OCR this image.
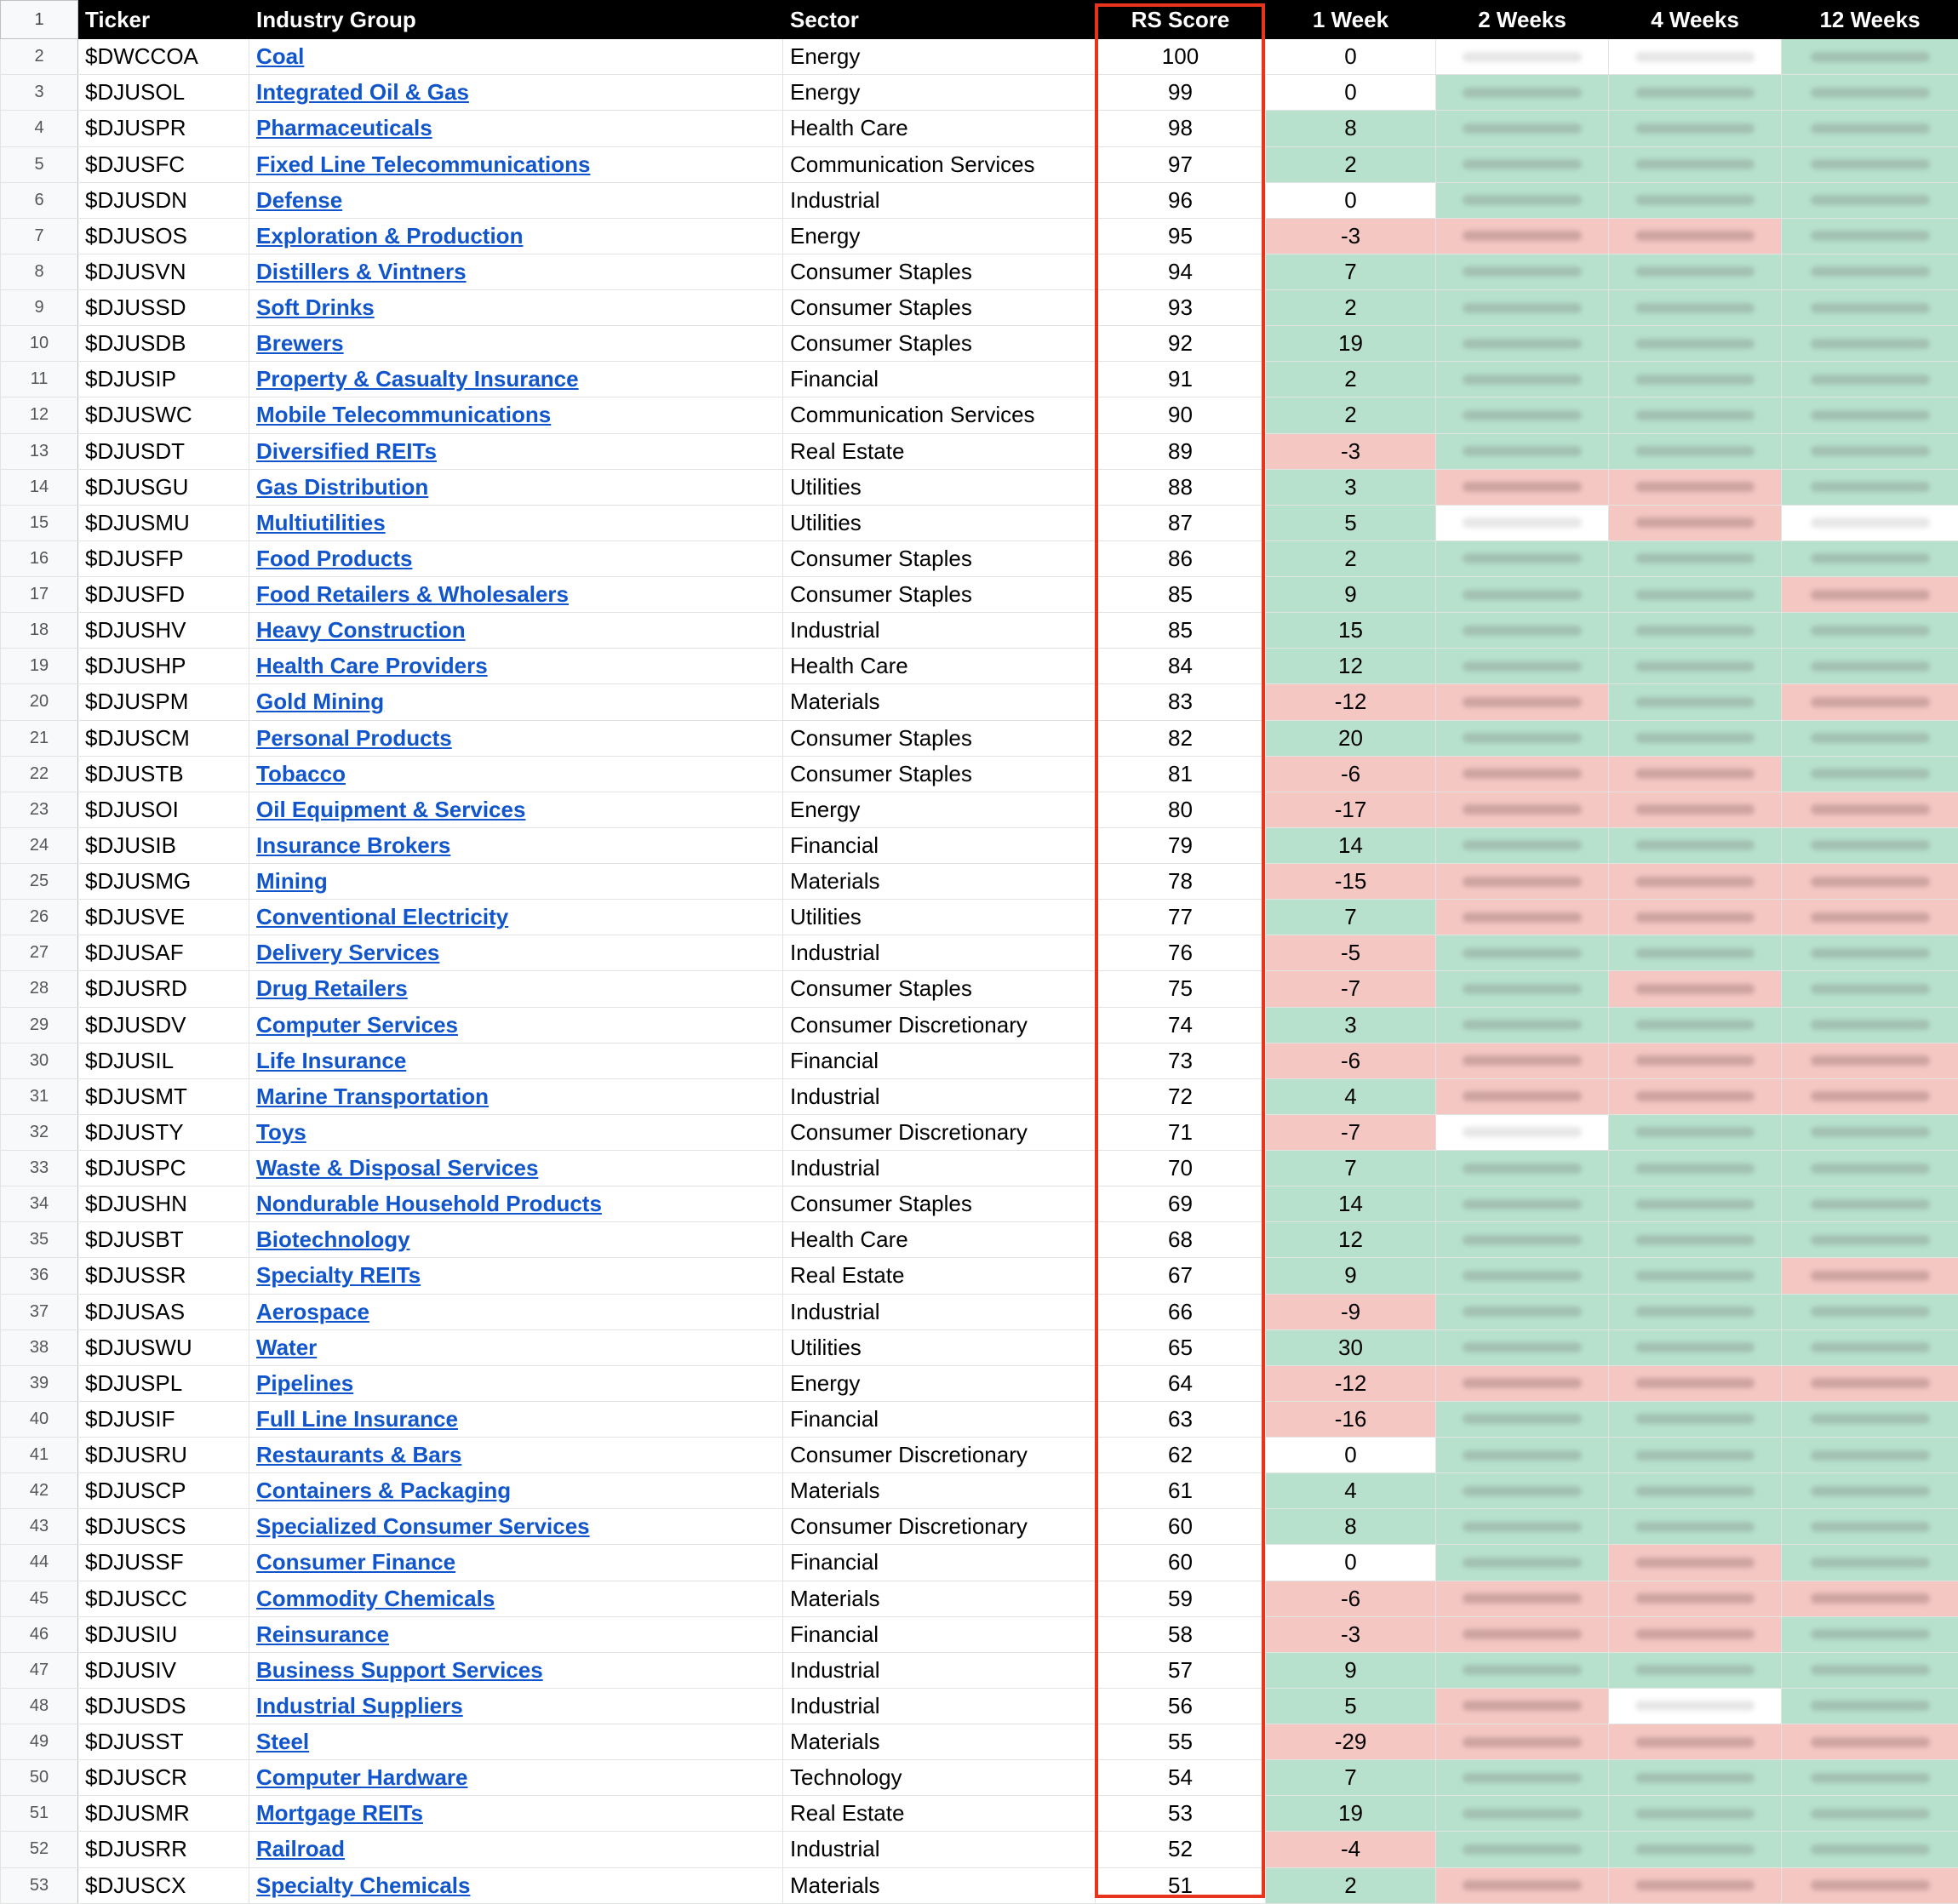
1	Ticker	Industry Group	Sector	RS Score	1 Week	2 Weeks	4 Weeks	12 Weeks
2	$DWCCOA	Coal	Energy	100	0	

3	$DJUSOL	Integrated Oil & Gas	Energy	99	0	

4	$DJUSPR	Pharmaceuticals	Health Care	98	8	

5	$DJUSFC	Fixed Line Telecommunications	Communication Services	97	2	

6	$DJUSDN	Defense	Industrial	96	0	

7	$DJUSOS	Exploration & Production	Energy	95	-3	

8	$DJUSVN	Distillers & Vintners	Consumer Staples	94	7	

9	$DJUSSD	Soft Drinks	Consumer Staples	93	2	

10	$DJUSDB	Brewers	Consumer Staples	92	19	

11	$DJUSIP	Property & Casualty Insurance	Financial	91	2	

12	$DJUSWC	Mobile Telecommunications	Communication Services	90	2	

13	$DJUSDT	Diversified REITs	Real Estate	89	-3	

14	$DJUSGU	Gas Distribution	Utilities	88	3	

15	$DJUSMU	Multiutilities	Utilities	87	5	

16	$DJUSFP	Food Products	Consumer Staples	86	2	

17	$DJUSFD	Food Retailers & Wholesalers	Consumer Staples	85	9	

18	$DJUSHV	Heavy Construction	Industrial	85	15	

19	$DJUSHP	Health Care Providers	Health Care	84	12	

20	$DJUSPM	Gold Mining	Materials	83	-12	

21	$DJUSCM	Personal Products	Consumer Staples	82	20	

22	$DJUSTB	Tobacco	Consumer Staples	81	-6	

23	$DJUSOI	Oil Equipment & Services	Energy	80	-17	

24	$DJUSIB	Insurance Brokers	Financial	79	14	

25	$DJUSMG	Mining	Materials	78	-15	

26	$DJUSVE	Conventional Electricity	Utilities	77	7	

27	$DJUSAF	Delivery Services	Industrial	76	-5	

28	$DJUSRD	Drug Retailers	Consumer Staples	75	-7	

29	$DJUSDV	Computer Services	Consumer Discretionary	74	3	

30	$DJUSIL	Life Insurance	Financial	73	-6	

31	$DJUSMT	Marine Transportation	Industrial	72	4	

32	$DJUSTY	Toys	Consumer Discretionary	71	-7	

33	$DJUSPC	Waste & Disposal Services	Industrial	70	7	

34	$DJUSHN	Nondurable Household Products	Consumer Staples	69	14	

35	$DJUSBT	Biotechnology	Health Care	68	12	

36	$DJUSSR	Specialty REITs	Real Estate	67	9	

37	$DJUSAS	Aerospace	Industrial	66	-9	

38	$DJUSWU	Water	Utilities	65	30	

39	$DJUSPL	Pipelines	Energy	64	-12	

40	$DJUSIF	Full Line Insurance	Financial	63	-16	

41	$DJUSRU	Restaurants & Bars	Consumer Discretionary	62	0	

42	$DJUSCP	Containers & Packaging	Materials	61	4	

43	$DJUSCS	Specialized Consumer Services	Consumer Discretionary	60	8	

44	$DJUSSF	Consumer Finance	Financial	60	0	

45	$DJUSCC	Commodity Chemicals	Materials	59	-6	

46	$DJUSIU	Reinsurance	Financial	58	-3	

47	$DJUSIV	Business Support Services	Industrial	57	9	

48	$DJUSDS	Industrial Suppliers	Industrial	56	5	

49	$DJUSST	Steel	Materials	55	-29	

50	$DJUSCR	Computer Hardware	Technology	54	7	

51	$DJUSMR	Mortgage REITs	Real Estate	53	19	

52	$DJUSRR	Railroad	Industrial	52	-4	

53	$DJUSCX	Specialty Chemicals	Materials	51	2	
